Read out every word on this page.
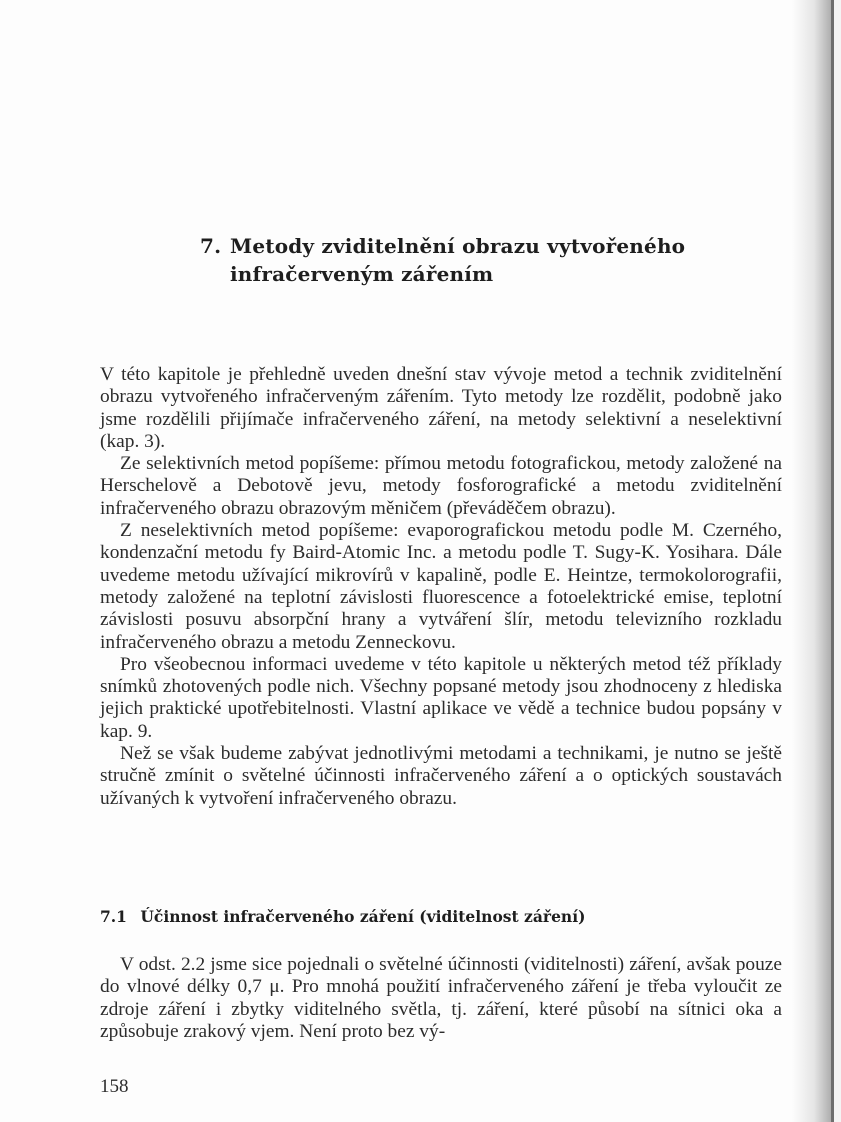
7. Metody zviditelnění obrazu vytvořeného
infračerveným zářením

V této kapitole je přehledně uveden dnešní stav vývoje metod a technik zviditelnění obrazu vytvořeného infračerveným zářením. Tyto metody lze rozdělit, podobně jako jsme rozdělili přijímače infračerveného záření, na metody selektivní a neselektivní (kap. 3).

Ze selektivních metod popíšeme: přímou metodu fotografickou, metody založené na Herschelově a Debotově jevu, metody fosforografické a metodu zviditelnění infračerveného obrazu obrazovým měničem (převáděčem obrazu).

Z neselektivních metod popíšeme: evaporografickou metodu podle M. Czerného, kondenzační metodu fy Baird-Atomic Inc. a metodu podle T. Sugy-K. Yosihara. Dále uvedeme metodu užívající mikrovírů v kapalině, podle E. Heintze, termokolorografii, metody založené na teplotní závislosti fluorescence a fotoelektrické emise, teplotní závislosti posuvu absorpční hrany a vytváření šlír, metodu televizního rozkladu infračerveného obrazu a metodu Zenneckovu.

Pro všeobecnou informaci uvedeme v této kapitole u některých metod též příklady snímků zhotovených podle nich. Všechny popsané metody jsou zhodnoceny z hlediska jejich praktické upotřebitelnosti. Vlastní aplikace ve vědě a technice budou popsány v kap. 9.

Než se však budeme zabývat jednotlivými metodami a technikami, je nutno se ještě stručně zmínit o světelné účinnosti infračerveného záření a o optických soustavách užívaných k vytvoření infračerveného obrazu.

7.1 Účinnost infračerveného záření (viditelnost záření)

V odst. 2.2 jsme sice pojednali o světelné účinnosti (viditelnosti) záření, avšak pouze do vlnové délky 0,7 μ. Pro mnohá použití infračerveného záření je třeba vyloučit ze zdroje záření i zbytky viditelného světla, tj. záření, které působí na sítnici oka a způsobuje zrakový vjem. Není proto bez vý-

158
